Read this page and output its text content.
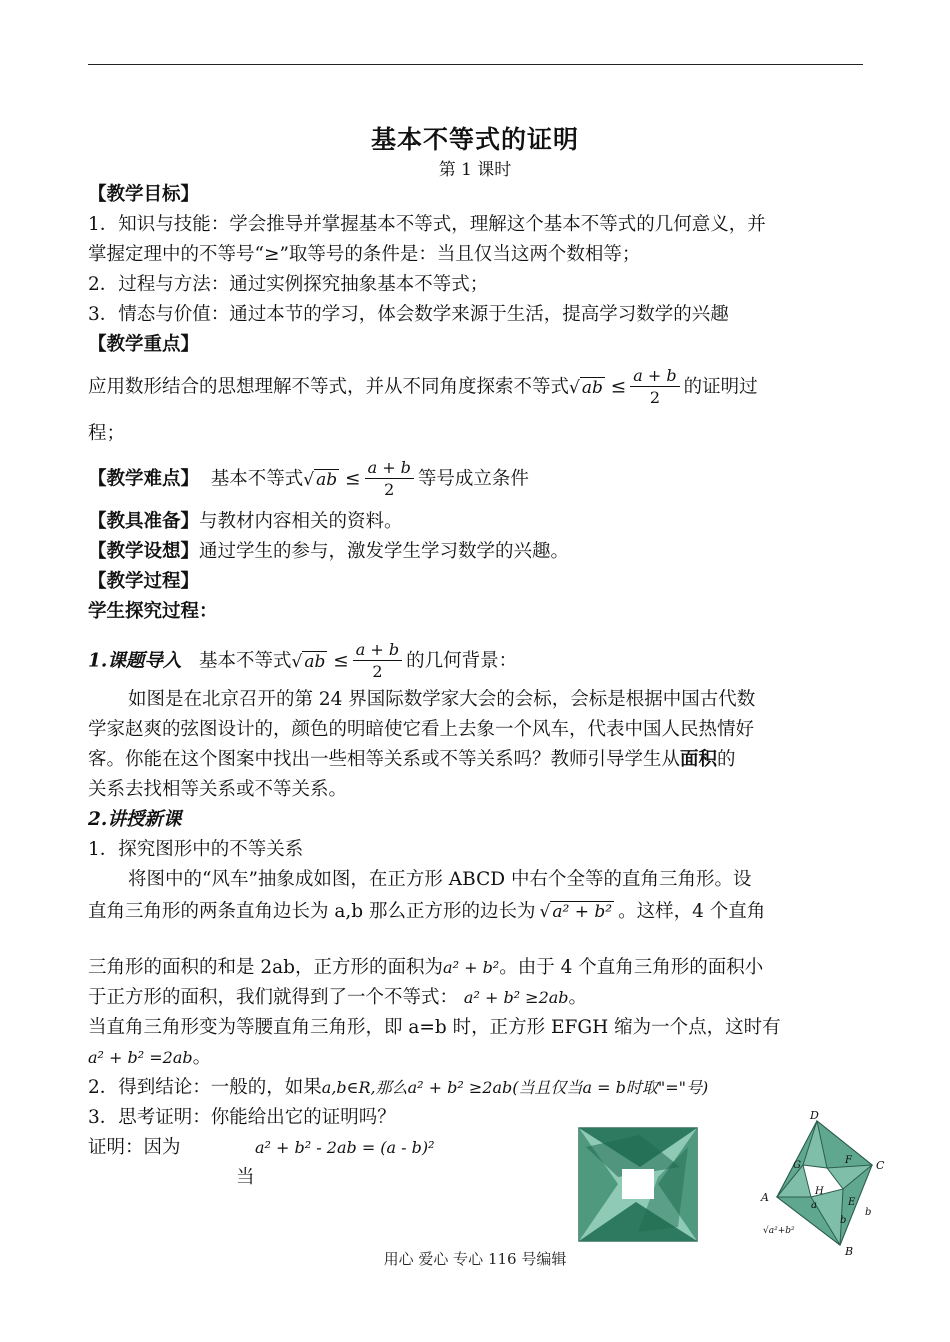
基本不等式的证明
第 1 课时
【教学目标】
1．知识与技能：学会推导并掌握基本不等式，理解这个基本不等式的几何意义，并
掌握定理中的不等号“≥”取等号的条件是：当且仅当这两个数相等；
2．过程与方法：通过实例探究抽象基本不等式；
3．情态与价值：通过本节的学习，体会数学来源于生活，提高学习数学的兴趣
【教学重点】
应用数形结合的思想理解不等式，并从不同角度探索不等式√ ab ≤ $\frac{a + b}{2}$ 的证明过
程；
【教学难点】 基本不等式√ ab ≤ $\frac{a + b}{2}$ 等号成立条件
【教具准备】与教材内容相关的资料。
【教学设想】通过学生的参与，激发学生学习数学的兴趣。
【教学过程】
学生探究过程：
1.课题导入 基本不等式√ ab ≤ $\frac{a + b}{2}$ 的几何背景：
如图是在北京召开的第 24 界国际数学家大会的会标，会标是根据中国古代数
学家赵爽的弦图设计的，颜色的明暗使它看上去象一个风车，代表中国人民热情好
客。你能在这个图案中找出一些相等关系或不等关系吗？教师引导学生从面积的
关系去找相等关系或不等关系。
2.讲授新课
1．探究图形中的不等关系
将图中的“风车”抽象成如图，在正方形 ABCD 中右个全等的直角三角形。设
直角三角形的两条直角边长为 a,b 那么正方形的边长为 √ a² + b² 。这样，4 个直角
三角形的面积的和是 2ab，正方形的面积为a² + b²。由于 4 个直角三角形的面积小
于正方形的面积，我们就得到了一个不等式： a² + b² ≥2ab。
当直角三角形变为等腰直角三角形，即 a=b 时，正方形 EFGH 缩为一个点，这时有
a² + b² =2ab。
2．得到结论：一般的，如果a,b∈R,那么a² + b² ≥2ab(当且仅当a = b时取"="号)
3．思考证明：你能给出它的证明吗？
证明：因为	a² + b² - 2ab = (a - b)²
当
D
C
A
B
G	F
H
E
a
b
b
√a²+b²
用心 爱心 专心 116 号编辑
